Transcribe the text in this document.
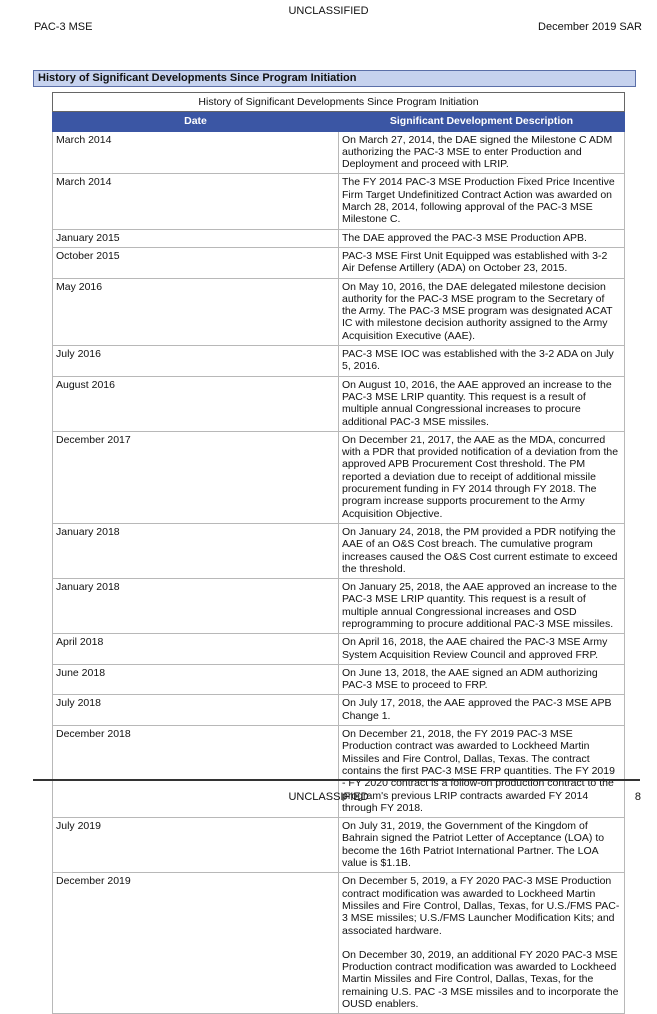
UNCLASSIFIED
PAC-3 MSE	December 2019 SAR
History of Significant Developments Since Program Initiation
History of Significant Developments Since Program Initiation	
Date	Significant Development Description
March 2014	On March 27, 2014, the DAE signed the Milestone C ADM authorizing the PAC-3 MSE to enter Production and Deployment and proceed with LRIP.
March 2014	The FY 2014 PAC-3 MSE Production Fixed Price Incentive Firm Target Undefinitized Contract Action was awarded on March 28, 2014, following approval of the PAC-3 MSE Milestone C.
January 2015	The DAE approved the PAC-3 MSE Production APB.
October 2015	PAC-3 MSE First Unit Equipped was established with 3-2 Air Defense Artillery (ADA) on October 23, 2015.
May 2016	On May 10, 2016, the DAE delegated milestone decision authority for the PAC-3 MSE program to the Secretary of the Army. The PAC-3 MSE program was designated ACAT IC with milestone decision authority assigned to the Army Acquisition Executive (AAE).
July 2016	PAC-3 MSE IOC was established with the 3-2 ADA on July 5, 2016.
August 2016	On August 10, 2016, the AAE approved an increase to the PAC-3 MSE LRIP quantity. This request is a result of multiple annual Congressional increases to procure additional PAC-3 MSE missiles.
December 2017	On December 21, 2017, the AAE as the MDA, concurred with a PDR that provided notification of a deviation from the approved APB Procurement Cost threshold. The PM reported a deviation due to receipt of additional missile procurement funding in FY 2014 through FY 2018. The program increase supports procurement to the Army Acquisition Objective.
January 2018	On January 24, 2018, the PM provided a PDR notifying the AAE of an O&S Cost breach. The cumulative program increases caused the O&S Cost current estimate to exceed the threshold.
January 2018	On January 25, 2018, the AAE approved an increase to the PAC-3 MSE LRIP quantity. This request is a result of multiple annual Congressional increases and OSD reprogramming to procure additional PAC-3 MSE missiles.
April 2018	On April 16, 2018, the AAE chaired the PAC-3 MSE Army System Acquisition Review Council and approved FRP.
June 2018	On June 13, 2018, the AAE signed an ADM authorizing PAC-3 MSE to proceed to FRP.
July 2018	On July 17, 2018, the AAE approved the PAC-3 MSE APB Change 1.
December 2018	On December 21, 2018, the FY 2019 PAC-3 MSE Production contract was awarded to Lockheed Martin Missiles and Fire Control, Dallas, Texas. The contract contains the first PAC-3 MSE FRP quantities. The FY 2019 - FY 2020 contract is a follow-on production contract to the program's previous LRIP contracts awarded FY 2014 through FY 2018.
July 2019	On July 31, 2019, the Government of the Kingdom of Bahrain signed the Patriot Letter of Acceptance (LOA) to become the 16th Patriot International Partner. The LOA value is $1.1B.
December 2019	On December 5, 2019, a FY 2020 PAC-3 MSE Production contract modification was awarded to Lockheed Martin Missiles and Fire Control, Dallas, Texas, for U.S./FMS PAC-3 MSE missiles; U.S./FMS Launcher Modification Kits; and associated hardware.
On December 30, 2019, an additional FY 2020 PAC-3 MSE Production contract modification was awarded to Lockheed Martin Missiles and Fire Control, Dallas, Texas, for the remaining U.S. PAC -3 MSE missiles and to incorporate the OUSD enablers.
UNCLASSIFIED	8
